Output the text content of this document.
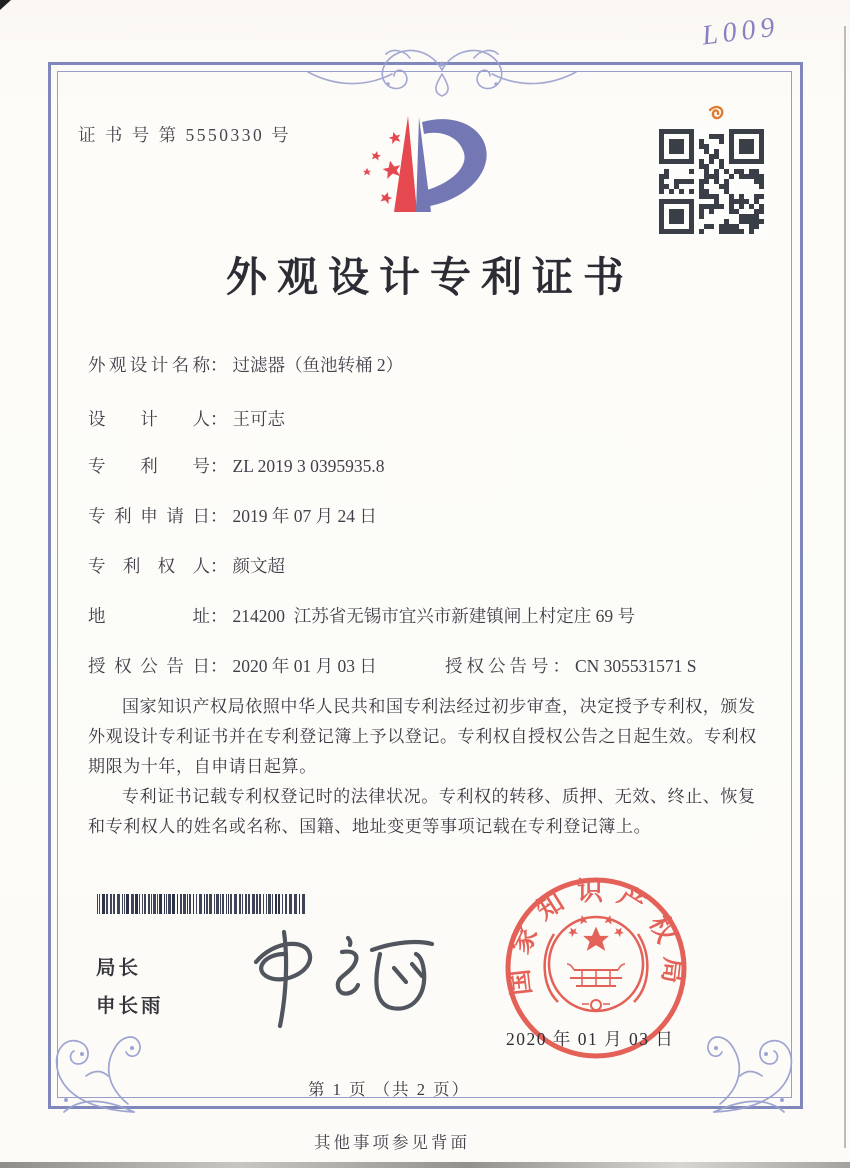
L009
证 书 号 第 5550330 号
外观设计专利证书
外观设计名称： 过滤器（鱼池转桶 2）
设计人： 王可志
专利号： ZL 2019 3 0395935.8
专利申请日： 2019 年 07 月 24 日
专利权人： 颜文超
地址： 214200  江苏省无锡市宜兴市新建镇闸上村定庄 69 号
授权公告日： 2020 年 01 月 03 日	授权公告号： CN 305531571 S

国家知识产权局依照中华人民共和国专利法经过初步审查，决定授予专利权，颁发外观设计专利证书并在专利登记簿上予以登记。专利权自授权公告之日起生效。专利权期限为十年，自申请日起算。

专利证书记载专利权登记时的法律状况。专利权的转移、质押、无效、终止、恢复和专利权人的姓名或名称、国籍、地址变更等事项记载在专利登记簿上。

局长
申长雨
国家知识产权局
2020 年 01 月 03 日
第 1 页 （共 2 页）
其他事项参见背面
